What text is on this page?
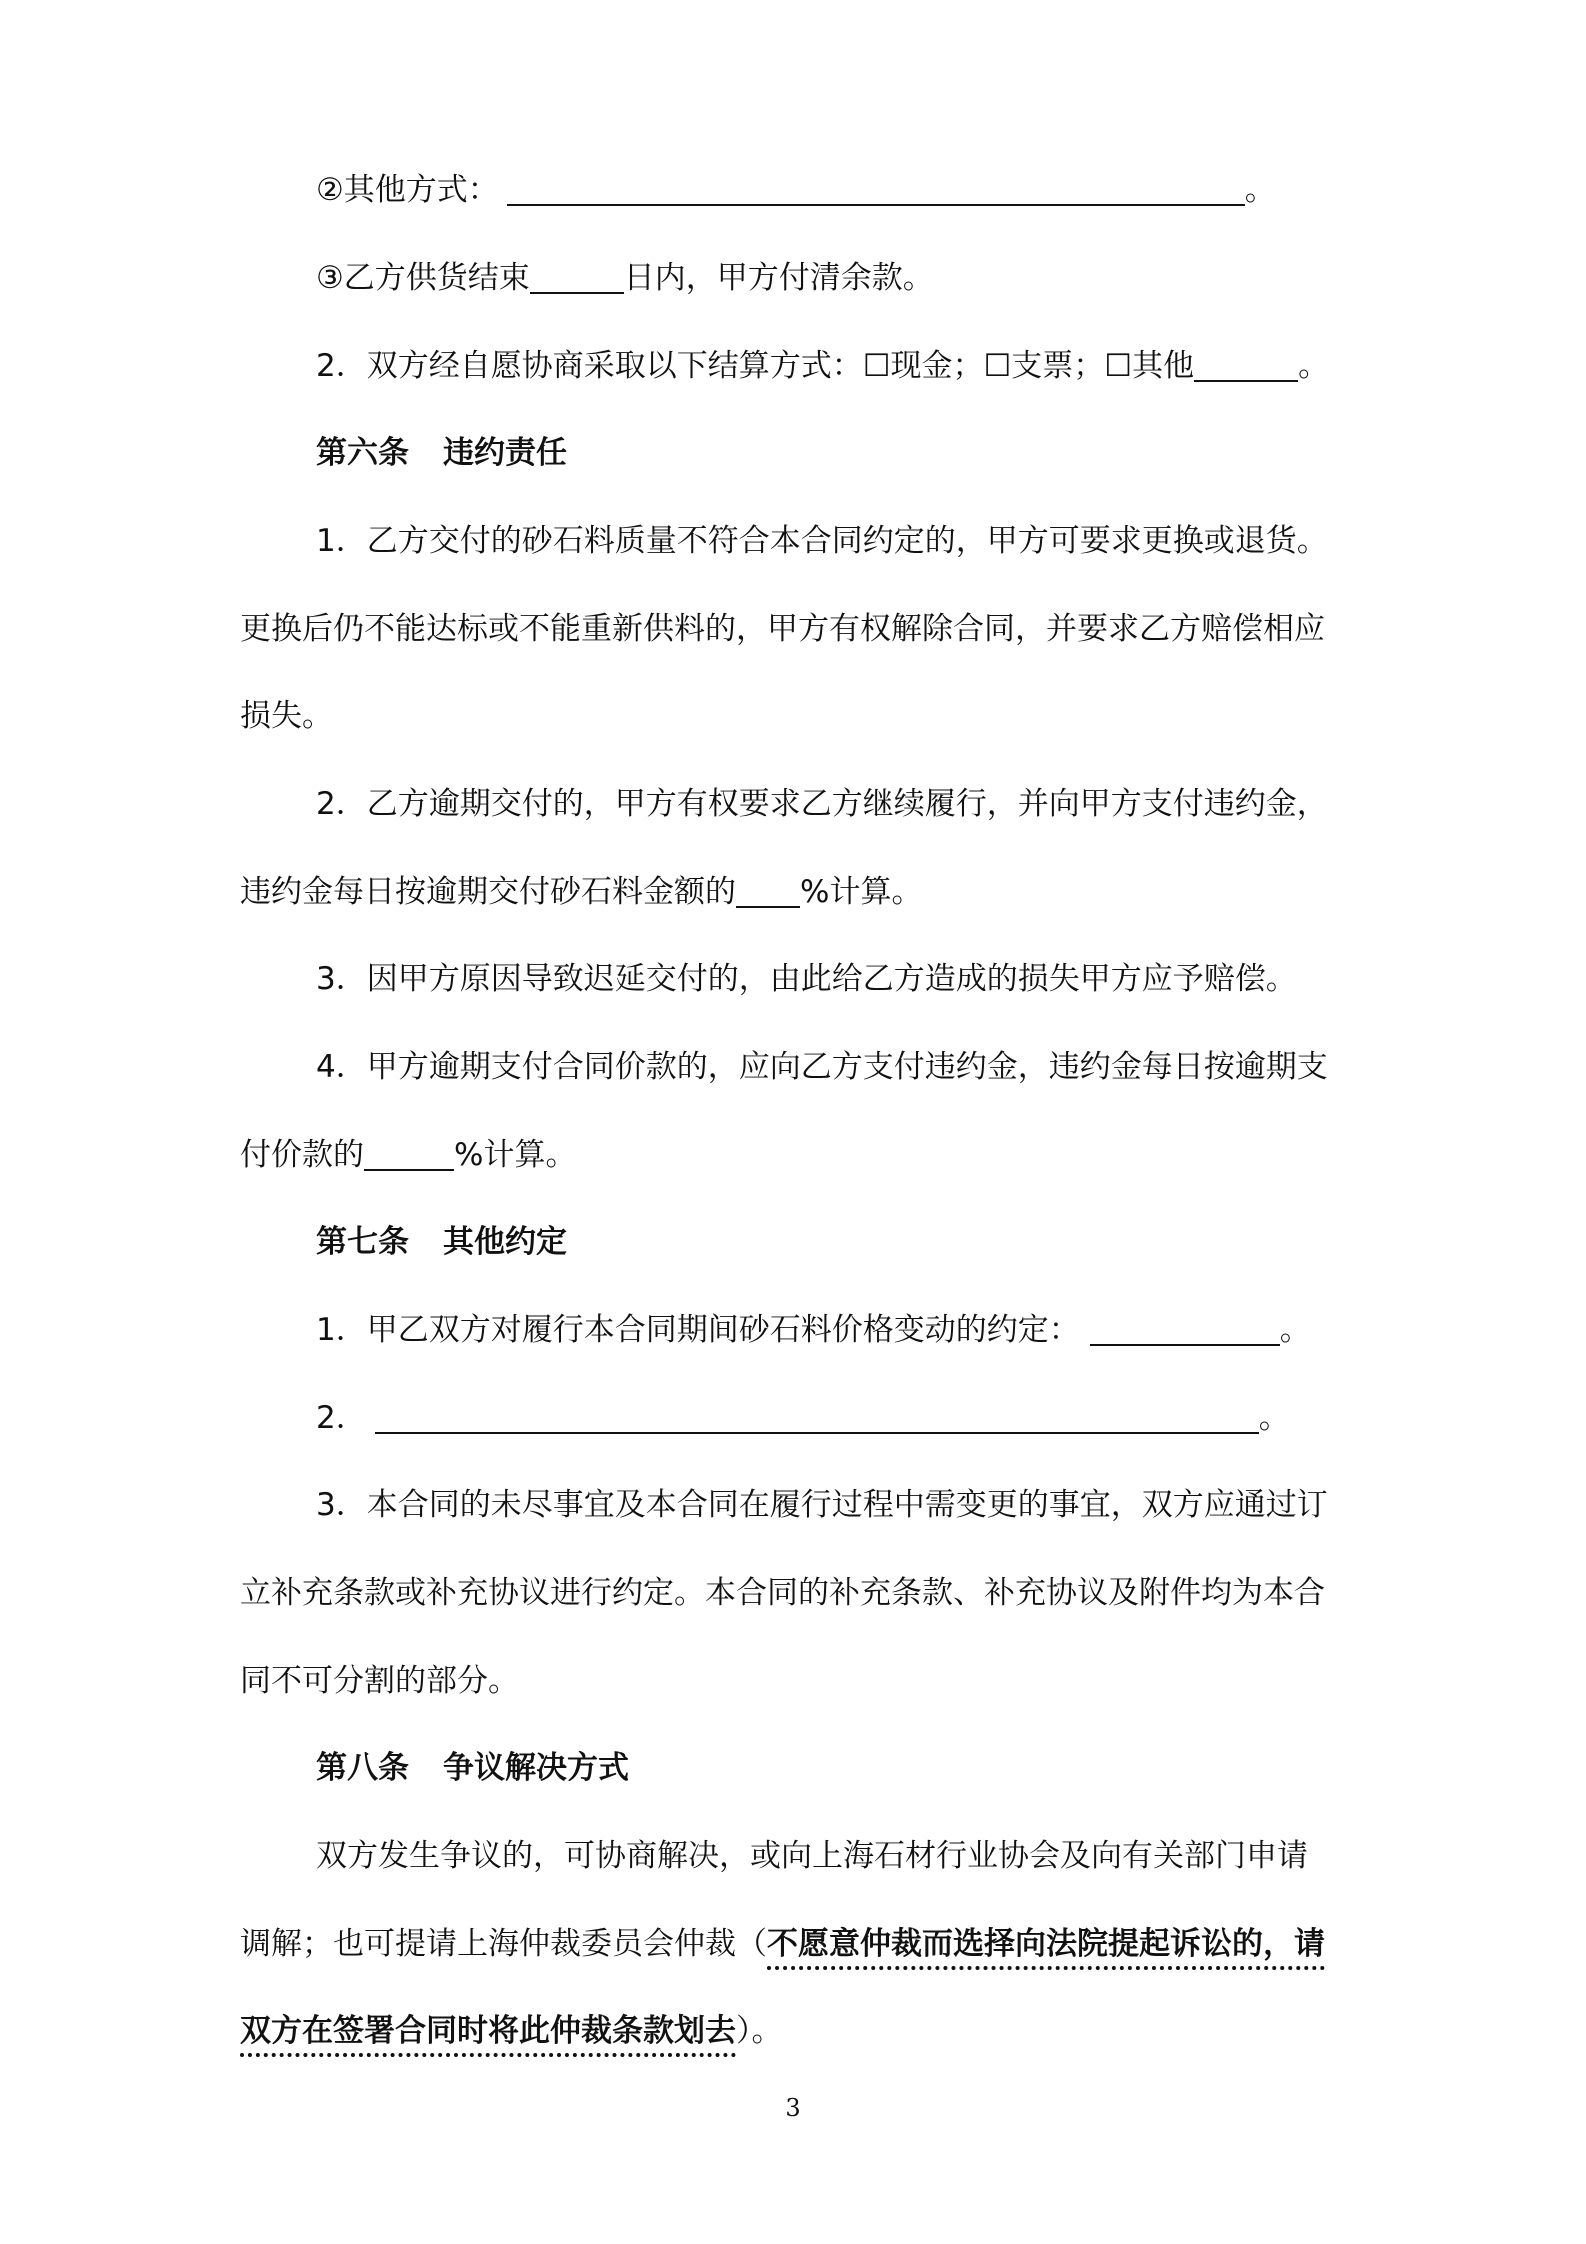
②其他方式：	。
③乙方供货结束	日内，甲方付清余款。
2．双方经自愿协商采取以下结算方式：☐现金；☐支票；☐其他	。
第六条 违约责任
1．乙方交付的砂石料质量不符合本合同约定的，甲方可要求更换或退货。
更换后仍不能达标或不能重新供料的，甲方有权解除合同，并要求乙方赔偿相应
损失。
2．乙方逾期交付的，甲方有权要求乙方继续履行，并向甲方支付违约金，
违约金每日按逾期交付砂石料金额的 %计算。
3．因甲方原因导致迟延交付的，由此给乙方造成的损失甲方应予赔偿。
4．甲方逾期支付合同价款的，应向乙方支付违约金，违约金每日按逾期支
付价款的	%计算。
第七条 其他约定
1．甲乙双方对履行本合同期间砂石料价格变动的约定：	。
2．	。
3．本合同的未尽事宜及本合同在履行过程中需变更的事宜，双方应通过订
立补充条款或补充协议进行约定。本合同的补充条款、补充协议及附件均为本合
同不可分割的部分。
第八条 争议解决方式
双方发生争议的，可协商解决，或向上海石材行业协会及向有关部门申请
调解；也可提请上海仲裁委员会仲裁（不愿意仲裁而选择向法院提起诉讼的，请
双方在签署合同时将此仲裁条款划去）。
3
